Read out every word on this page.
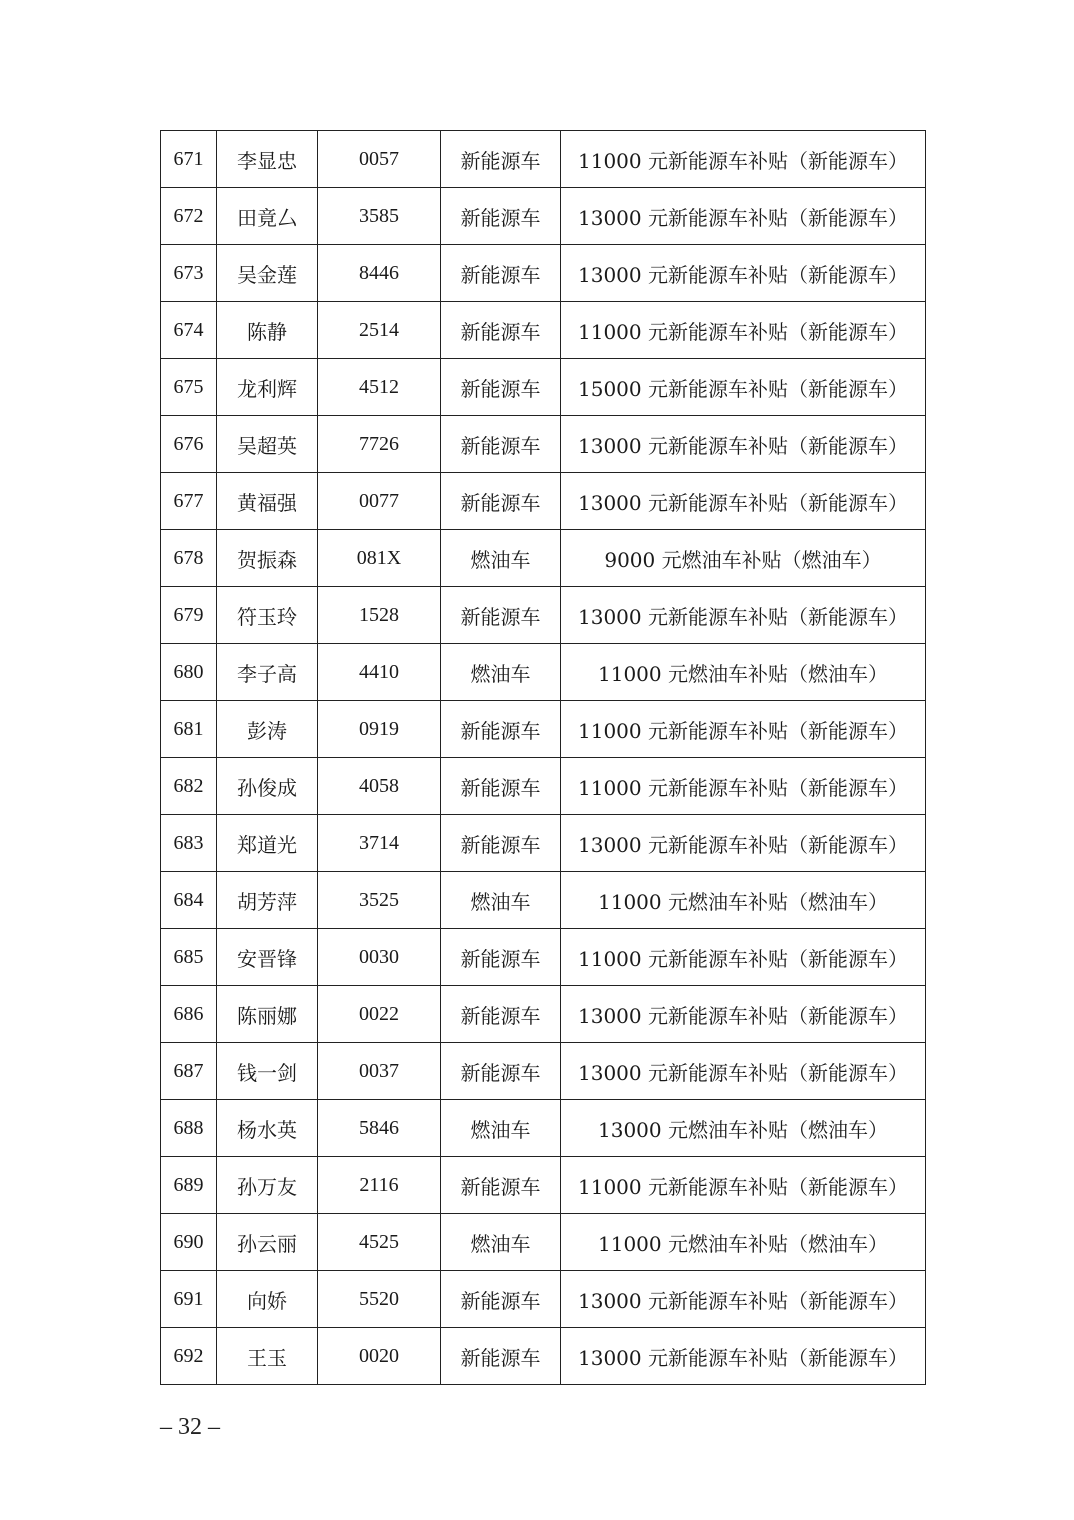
671	李显忠	0057	新能源车	11000 元新能源车补贴（新能源车）
672	田竟厶	3585	新能源车	13000 元新能源车补贴（新能源车）
673	吴金莲	8446	新能源车	13000 元新能源车补贴（新能源车）
674	陈静	2514	新能源车	11000 元新能源车补贴（新能源车）
675	龙利辉	4512	新能源车	15000 元新能源车补贴（新能源车）
676	吴超英	7726	新能源车	13000 元新能源车补贴（新能源车）
677	黄福强	0077	新能源车	13000 元新能源车补贴（新能源车）
678	贺振森	081X	燃油车	9000 元燃油车补贴（燃油车）
679	符玉玲	1528	新能源车	13000 元新能源车补贴（新能源车）
680	李子高	4410	燃油车	11000 元燃油车补贴（燃油车）
681	彭涛	0919	新能源车	11000 元新能源车补贴（新能源车）
682	孙俊成	4058	新能源车	11000 元新能源车补贴（新能源车）
683	郑道光	3714	新能源车	13000 元新能源车补贴（新能源车）
684	胡芳萍	3525	燃油车	11000 元燃油车补贴（燃油车）
685	安晋锋	0030	新能源车	11000 元新能源车补贴（新能源车）
686	陈丽娜	0022	新能源车	13000 元新能源车补贴（新能源车）
687	钱一剑	0037	新能源车	13000 元新能源车补贴（新能源车）
688	杨水英	5846	燃油车	13000 元燃油车补贴（燃油车）
689	孙万友	2116	新能源车	11000 元新能源车补贴（新能源车）
690	孙云丽	4525	燃油车	11000 元燃油车补贴（燃油车）
691	向娇	5520	新能源车	13000 元新能源车补贴（新能源车）
692	王玉	0020	新能源车	13000 元新能源车补贴（新能源车）
– 32 –
